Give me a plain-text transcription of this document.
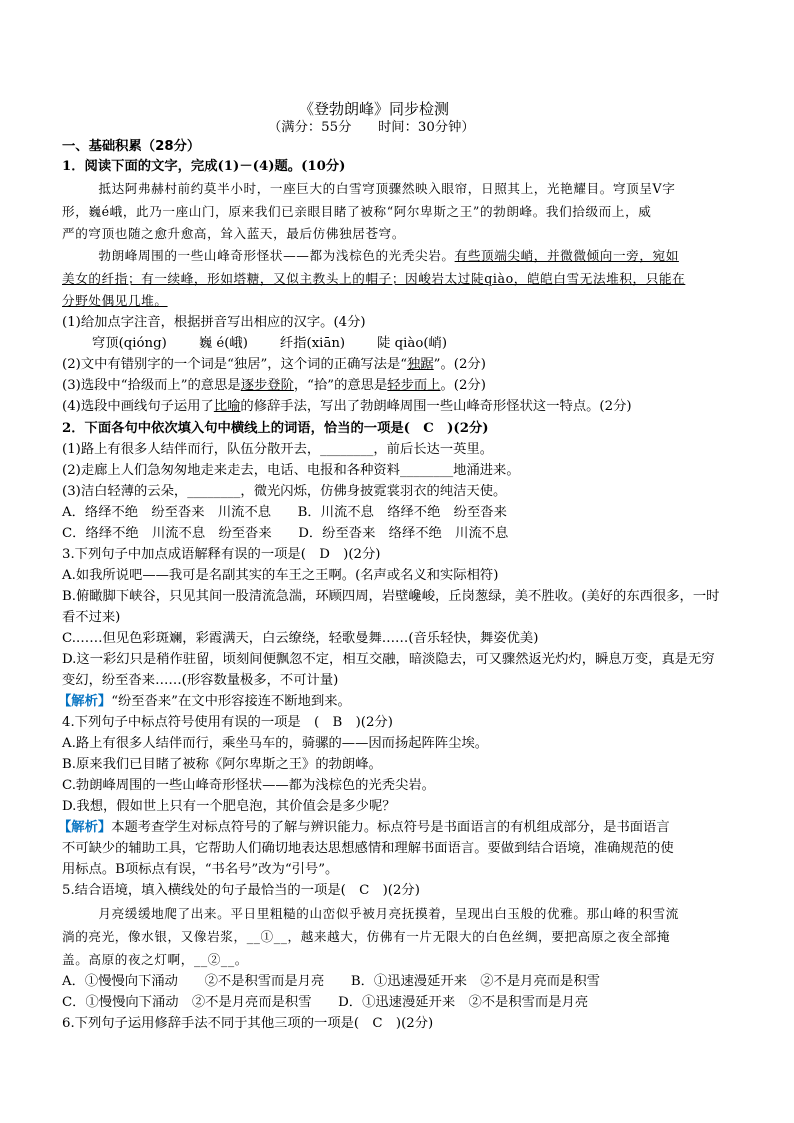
《登勃朗峰》同步检测
（满分：55分　　时间：30分钟）
一、基础积累（28分）
1．阅读下面的文字，完成(1)－(4)题。(10分)
　　抵达阿弗赫村前约莫半小时，一座巨大的白雪穹顶骤然映入眼帘，日照其上，光艳耀目。穹顶呈Ⅴ字
形，巍é峨，此乃一座山门，原来我们已亲眼目睹了被称“阿尔卑斯之王”的勃朗峰。我们拾级而上，威
严的穹顶也随之愈升愈高，耸入蓝天，最后仿佛独居苍穹。
　　勃朗峰周围的一些山峰奇形怪状——都为浅棕色的光秃尖岩。有些顶端尖峭，并微微倾向一旁，宛如
美女的纤指；有一续峰，形如塔糖，又似主教头上的帽子；因峻岩太过陡qiào，皑皑白雪无法堆积，只能在
分野处偶见几堆。
(1)给加点字注音，根据拼音写出相应的汉字。(4分)
穹顶(qióng) 巍 é(峨) 纤指(xiān) 陡 qiào(峭)
(2)文中有错别字的一个词是“独居”，这个词的正确写法是“独踞”。(2分)
(3)选段中“拾级而上”的意思是逐步登阶，“拾”的意思是轻步而上。(2分)
(4)选段中画线句子运用了比喻的修辞手法，写出了勃朗峰周围一些山峰奇形怪状这一特点。(2分)
2．下面各句中依次填入句中横线上的词语，恰当的一项是(　C　)(2分)
(1)路上有很多人结伴而行，队伍分散开去，________，前后长达一英里。
(2)走廊上人们急匆匆地走来走去，电话、电报和各种资料________地涌进来。
(3)洁白轻薄的云朵，________，微光闪烁，仿佛身披霓裳羽衣的纯洁天使。
A．络绎不绝　纷至沓来　川流不息　　B．川流不息　络绎不绝　纷至沓来
C．络绎不绝　川流不息　纷至沓来　　D．纷至沓来　络绎不绝　川流不息
3.下列句子中加点成语解释有误的一项是(　D　)(2分)
A.如我所说吧——我可是名副其实的车王之王啊。(名声或名义和实际相符)
B.俯瞰脚下峡谷，只见其间一股清流急湍，环顾四周，岩壁巉峻，丘岗葱绿，美不胜收。(美好的东西很多，一时
看不过来)
C.……但见色彩斑斓，彩霞满天，白云缭绕，轻歌曼舞……(音乐轻快，舞姿优美)
D.这一彩幻只是稍作驻留，顷刻间便飘忽不定，相互交融，暗淡隐去，可又骤然返光灼灼，瞬息万变，真是无穷
变幻，纷至沓来……(形容数量极多，不可计量)
【解析】“纷至沓来”在文中形容接连不断地到来。
4.下列句子中标点符号使用有误的一项是　(　B　)(2分)
A.路上有很多人结伴而行，乘坐马车的，骑骡的——因而扬起阵阵尘埃。
B.原来我们已目睹了被称《阿尔卑斯之王》的勃朗峰。
C.勃朗峰周围的一些山峰奇形怪状——都为浅棕色的光秃尖岩。
D.我想，假如世上只有一个肥皂泡，其价值会是多少呢？
【解析】本题考查学生对标点符号的了解与辨识能力。标点符号是书面语言的有机组成部分，是书面语言
不可缺少的辅助工具，它帮助人们确切地表达思想感情和理解书面语言。要做到结合语境，准确规范的使
用标点。B项标点有误，“书名号”改为“引号”。
5.结合语境，填入横线处的句子最恰当的一项是(　C　)(2分)
　　月亮缓缓地爬了出来。平日里粗糙的山峦似乎被月亮抚摸着，呈现出白玉般的优雅。那山峰的积雪流
淌的亮光，像水银，又像岩浆，__①__，越来越大，仿佛有一片无限大的白色丝绸，要把高原之夜全部掩
盖。高原的夜之灯啊，__②__。
A．①慢慢向下涌动　　②不是积雪而是月亮　　B．①迅速漫延开来　②不是月亮而是积雪
C．①慢慢向下涌动　②不是月亮而是积雪　　D．①迅速漫延开来　②不是积雪而是月亮
6.下列句子运用修辞手法不同于其他三项的一项是(　C　)(2分)
